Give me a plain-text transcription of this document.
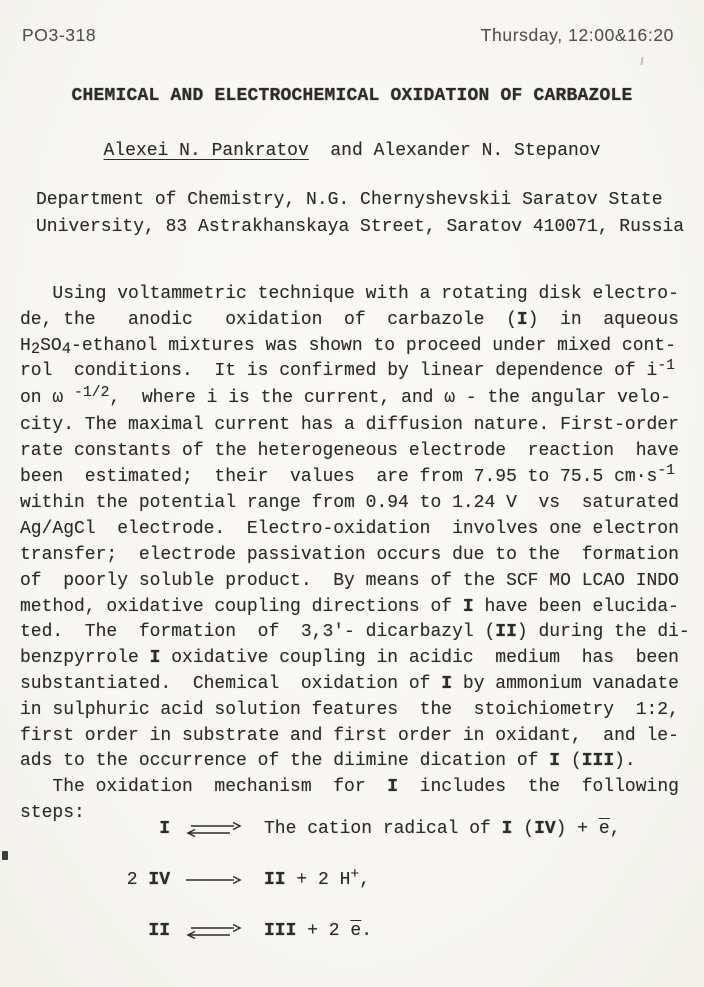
PO3-318	Thursday, 12:00&16:20
CHEMICAL AND ELECTROCHEMICAL OXIDATION OF CARBAZOLE
Alexei N. Pankratov  and Alexander N. Stepanov
Department of Chemistry, N.G. Chernyshevskii Saratov State
University, 83 Astrakhanskaya Street, Saratov 410071, Russia
Using voltammetric technique with a rotating disk electro-
de, the   anodic   oxidation  of  carbazole  (I)  in  aqueous
H2SO4-ethanol mixtures was shown to proceed under mixed cont-
rol  conditions.  It is confirmed by linear dependence of i-1
on ω -1/2,  where i is the current, and ω - the angular velo-
city. The maximal current has a diffusion nature. First-order
rate constants of the heterogeneous electrode  reaction  have
been  estimated;  their  values  are from 7.95 to 75.5 cm·s-1
within the potential range from 0.94 to 1.24 V  vs  saturated
Ag/AgCl  electrode.  Electro-oxidation  involves one electron
transfer;  electrode passivation occurs due to the  formation
of  poorly soluble product.  By means of the SCF MO LCAO INDO
method, oxidative coupling directions of I have been elucida-
ted.  The  formation  of  3,3'- dicarbazyl (II) during the di-
benzpyrrole I oxidative coupling in acidic  medium  has  been
substantiated.  Chemical  oxidation of I by ammonium vanadate
in sulphuric acid solution features  the  stoichiometry  1:2,
first order in substrate and first order in oxidant,  and le-
ads to the occurrence of the diimine dication of I (III).
The oxidation  mechanism  for  I  includes  the  following
steps:
I ⇌ The cation radical of I $(IV) + \overline{e}$,
2 IV → II + 2 H+,
II ⇌ III + 2 $\overline{e}$.
